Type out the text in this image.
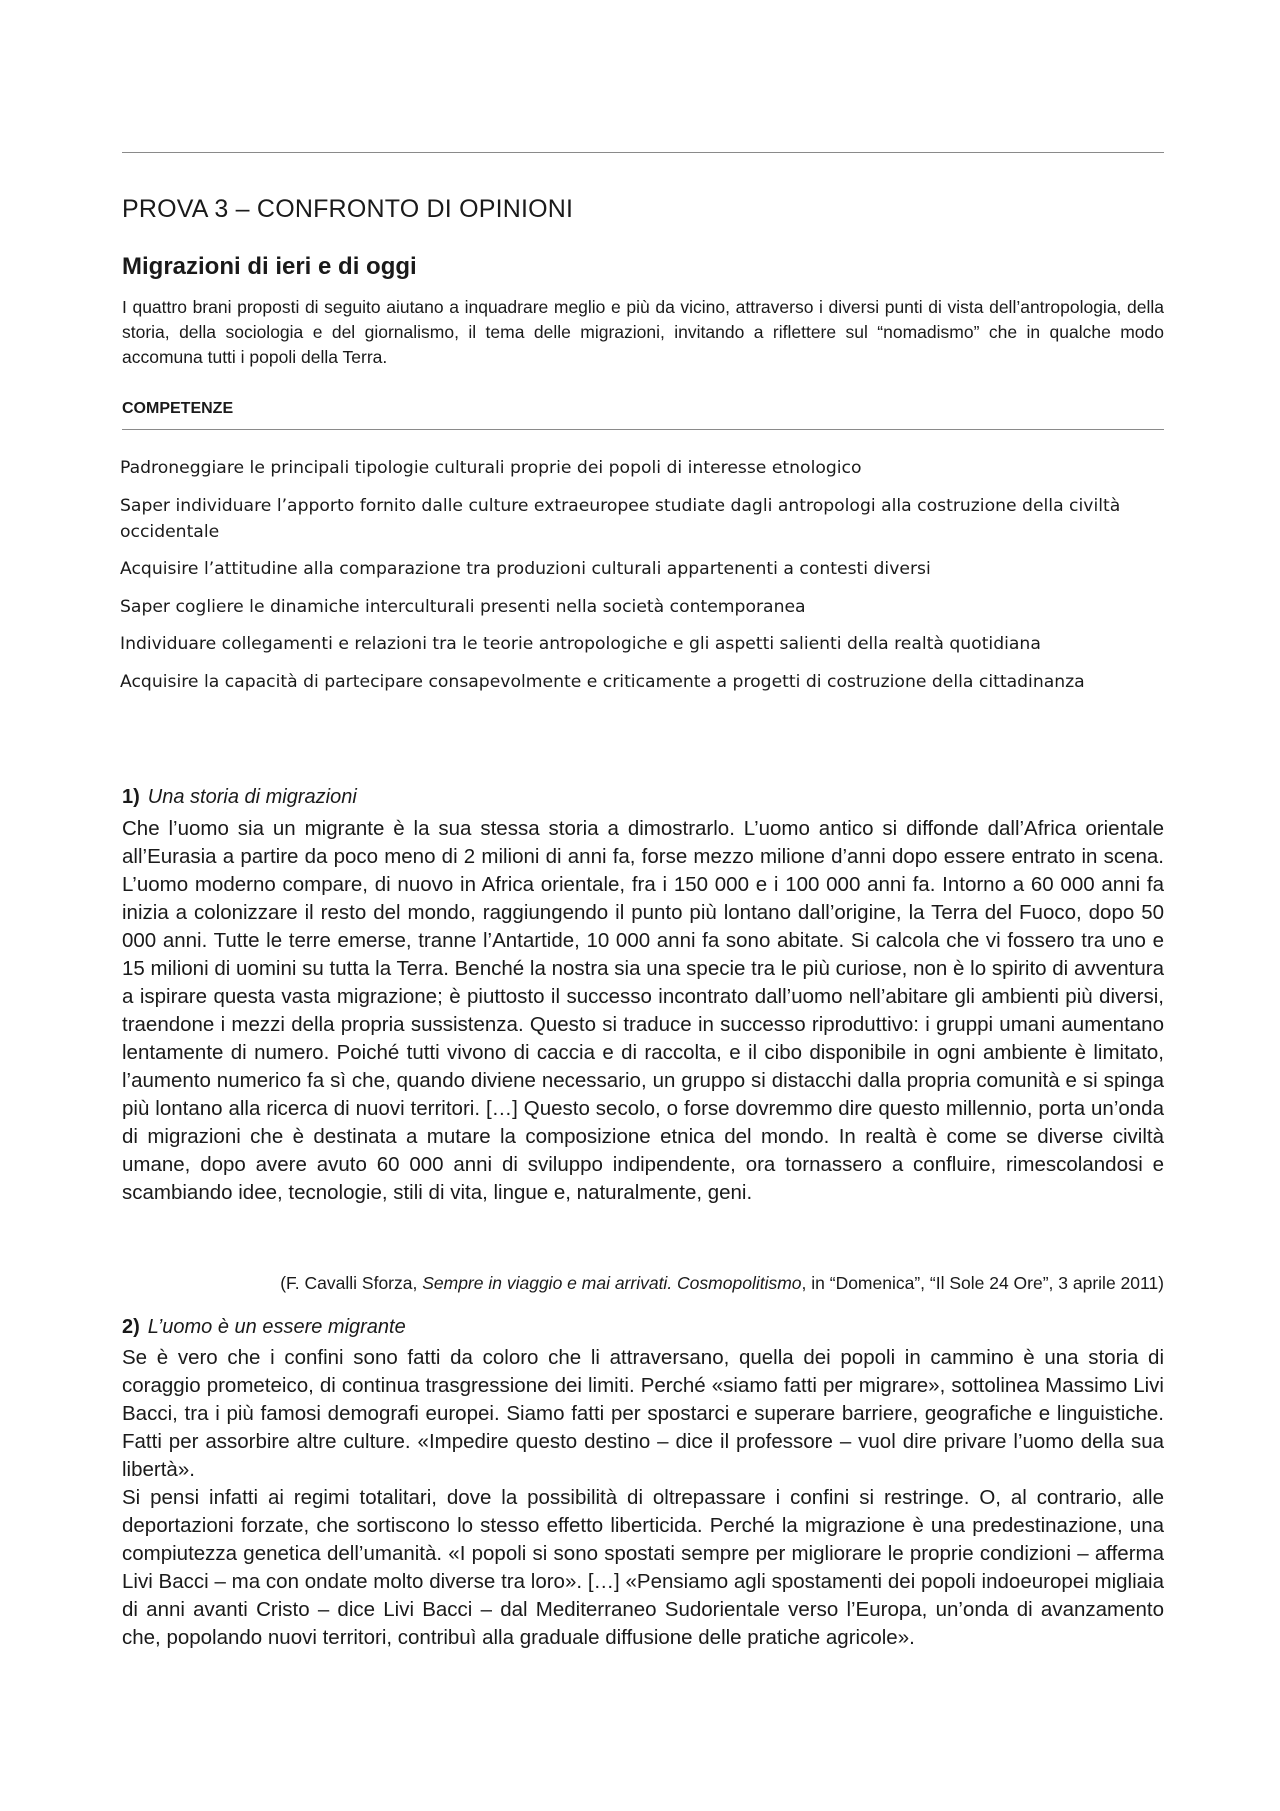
PROVA 3 – CONFRONTO DI OPINIONI
Migrazioni di ieri e di oggi

I quattro brani proposti di seguito aiutano a inquadrare meglio e più da vicino, attraverso i diversi punti di vista dell’antropologia, della storia, della sociologia e del giornalismo, il tema delle migrazioni, invitando a riflettere sul “nomadismo” che in qualche modo accomuna tutti i popoli della Terra.

COMPETENZE
Padroneggiare le principali tipologie culturali proprie dei popoli di interesse etnologico
Saper individuare l’apporto fornito dalle culture extraeuropee studiate dagli antropologi alla costruzione della civiltà occidentale
Acquisire l’attitudine alla comparazione tra produzioni culturali appartenenti a contesti diversi
Saper cogliere le dinamiche interculturali presenti nella società contemporanea
Individuare collegamenti e relazioni tra le teorie antropologiche e gli aspetti salienti della realtà quotidiana
Acquisire la capacità di partecipare consapevolmente e criticamente a progetti di costruzione della cittadinanza
1) Una storia di migrazioni

Che l’uomo sia un migrante è la sua stessa storia a dimostrarlo. L’uomo antico si diffonde dall’Africa orientale all’Eurasia a partire da poco meno di 2 milioni di anni fa, forse mezzo milione d’anni dopo essere entrato in scena. L’uomo moderno compare, di nuovo in Africa orientale, fra i 150 000 e i 100 000 anni fa. Intorno a 60 000 anni fa inizia a colonizzare il resto del mondo, raggiungendo il punto più lontano dall’origine, la Terra del Fuoco, dopo 50 000 anni. Tutte le terre emerse, tranne l’Antartide, 10 000 anni fa sono abitate. Si calcola che vi fossero tra uno e 15 milioni di uomini su tutta la Terra. Benché la nostra sia una specie tra le più curiose, non è lo spirito di avventura a ispirare questa vasta migrazione; è piuttosto il successo incontrato dall’uomo nell’abitare gli ambienti più diversi, traendone i mezzi della propria sussistenza. Questo si traduce in successo riproduttivo: i gruppi umani aumentano lentamente di numero. Poiché tutti vivono di caccia e di raccolta, e il cibo disponibile in ogni ambiente è limitato, l’aumento numerico fa sì che, quando diviene necessario, un gruppo si distacchi dalla propria comunità e si spinga più lontano alla ricerca di nuovi territori. […] Questo secolo, o forse dovremmo dire questo millennio, porta un’onda di migrazioni che è destinata a mutare la composizione etnica del mondo. In realtà è come se diverse civiltà umane, dopo avere avuto 60 000 anni di sviluppo indipendente, ora tornassero a confluire, rimescolandosi e scambiando idee, tecnologie, stili di vita, lingue e, naturalmente, geni.

(F. Cavalli Sforza, Sempre in viaggio e mai arrivati. Cosmopolitismo, in “Domenica”, “Il Sole 24 Ore”, 3 aprile 2011)

2) L’uomo è un essere migrante

Se è vero che i confini sono fatti da coloro che li attraversano, quella dei popoli in cammino è una storia di coraggio prometeico, di continua trasgressione dei limiti. Perché «siamo fatti per migrare», sottolinea Massimo Livi Bacci, tra i più famosi demografi europei. Siamo fatti per spostarci e superare barriere, geografiche e linguistiche. Fatti per assorbire altre culture. «Impedire questo destino – dice il professore – vuol dire privare l’uomo della sua libertà».

Si pensi infatti ai regimi totalitari, dove la possibilità di oltrepassare i confini si restringe. O, al contrario, alle deportazioni forzate, che sortiscono lo stesso effetto liberticida. Perché la migrazione è una predestinazione, una compiutezza genetica dell’umanità. «I popoli si sono spostati sempre per migliorare le proprie condizioni – afferma Livi Bacci – ma con ondate molto diverse tra loro». […] «Pensiamo agli spostamenti dei popoli indoeuropei migliaia di anni avanti Cristo – dice Livi Bacci – dal Mediterraneo Sudorientale verso l’Europa, un’onda di avanzamento che, popolando nuovi territori, contribuì alla graduale diffusione delle pratiche agricole».
